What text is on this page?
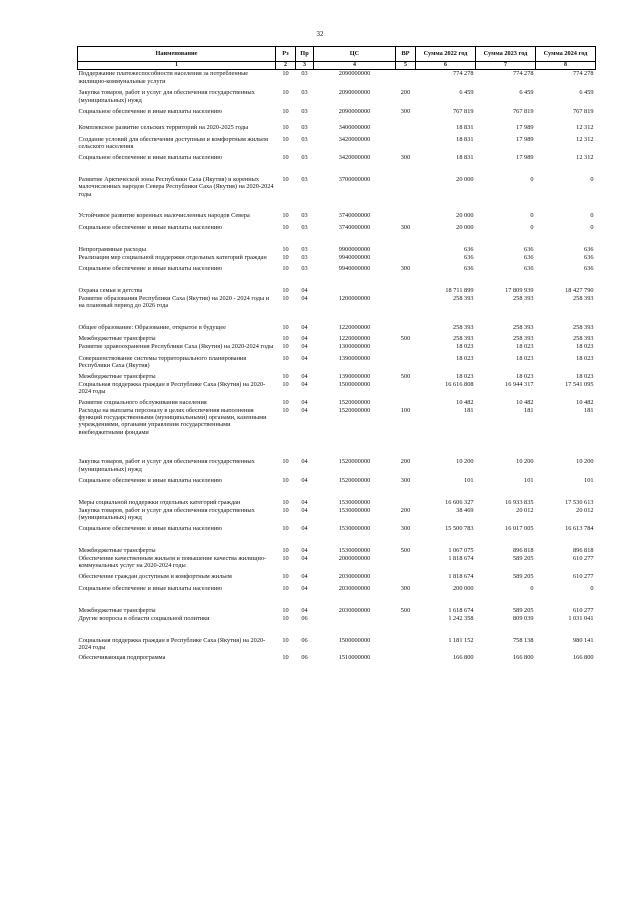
32
Наименование	Рз	Пр	ЦС	ВР	Сумма 2022 год	Сумма 2023 год	Сумма 2024 год
1	2	3	4	5	6	7	8
Поддержание платежеспособности населения за потребленные жилищно-коммунальные услуги	10	03	2090000000		774 278	774 278	774 278
Закупка товаров, работ и услуг для обеспечения государственных (муниципальных) нужд	10	03	2090000000	200	6 459	6 459	6 459
Социальное обеспечение и иные выплаты населению	10	03	2090000000	300	767 819	767 819	767 819
Комплексное развитие сельских территорий на 2020-2025 годы	10	03	3400000000		18 831	17 989	12 312
Создание условий для обеспечения доступным и комфортным жильем сельского населения	10	03	3420000000		18 831	17 989	12 312
Социальное обеспечение и иные выплаты населению	10	03	3420000000	300	18 831	17 989	12 312
Развитие Арктической зоны Республики Саха (Якутия) и коренных малочисленных народов Севера Республики Саха (Якутия) на 2020-2024 годы	10	03	3700000000		20 000	0	0
Устойчивое развитие коренных малочисленных народов Севера	10	03	3740000000		20 000	0	0
Социальное обеспечение и иные выплаты населению	10	03	3740000000	300	20 000	0	0
Непрограммные расходы	10	03	9900000000		636	636	636
Реализация мер социальной поддержки отдельных категорий граждан	10	03	9940000000		636	636	636
Социальное обеспечение и иные выплаты населению	10	03	9940000000	300	636	636	636
Охрана семьи и детства	10	04			18 711 899	17 809 939	18 427 790
Развитие образования Республики Саха (Якутия) на 2020 - 2024 годы и на плановый период до 2026 года	10	04	1200000000		258 393	258 393	258 393
Общее образование: Образование, открытое в будущее	10	04	1220000000		258 393	258 393	258 393
Межбюджетные трансферты	10	04	1220000000	500	258 393	258 393	258 393
Развитие здравоохранения Республики Саха (Якутия) на 2020-2024 годы	10	04	1300000000		18 023	18 023	18 023
Совершенствование системы территориального планирования Республики Саха (Якутия)	10	04	1390000000		18 023	18 023	18 023
Межбюджетные трансферты	10	04	1390000000	500	18 023	18 023	18 023
Социальная поддержка граждан в Республике Саха (Якутия) на 2020-2024 годы	10	04	1500000000		16 616 808	16 944 317	17 541 095
Развитие социального обслуживания населения	10	04	1520000000		10 482	10 482	10 482
Расходы на выплаты персоналу в целях обеспечения выполнения функций государственными (муниципальными) органами, казенными учреждениями, органами управления государственными внебюджетными фондами	10	04	1520000000	100	181	181	181
Закупка товаров, работ и услуг для обеспечения государственных (муниципальных) нужд	10	04	1520000000	200	10 200	10 200	10 200
Социальное обеспечение и иные выплаты населению	10	04	1520000000	300	101	101	101
Меры социальной поддержки отдельных категорий граждан	10	04	1530000000		16 606 327	16 933 835	17 530 613
Закупка товаров, работ и услуг для обеспечения государственных (муниципальных) нужд	10	04	1530000000	200	38 469	20 012	20 012
Социальное обеспечение и иные выплаты населению	10	04	1530000000	300	15 500 783	16 017 005	16 613 784
Межбюджетные трансферты	10	04	1530000000	500	1 067 075	896 818	896 818
Обеспечение качественным жильем и повышение качества жилищно-коммунальных услуг на 2020-2024 годы	10	04	2000000000		1 818 674	589 205	610 277
Обеспечение граждан доступным и комфортным жильем	10	04	2030000000		1 818 674	589 205	610 277
Социальное обеспечение и иные выплаты населению	10	04	2030000000	300	200 000	0	0
Межбюджетные трансферты	10	04	2030000000	500	1 618 674	589 205	610 277
Другие вопросы в области социальной политики	10	06			1 242 358	809 039	1 031 041
Социальная поддержка граждан в Республике Саха (Якутия) на 2020-2024 годы	10	06	1500000000		1 181 152	758 138	980 141
Обеспечивающая подпрограмма	10	06	1510000000		166 800	166 800	166 800
